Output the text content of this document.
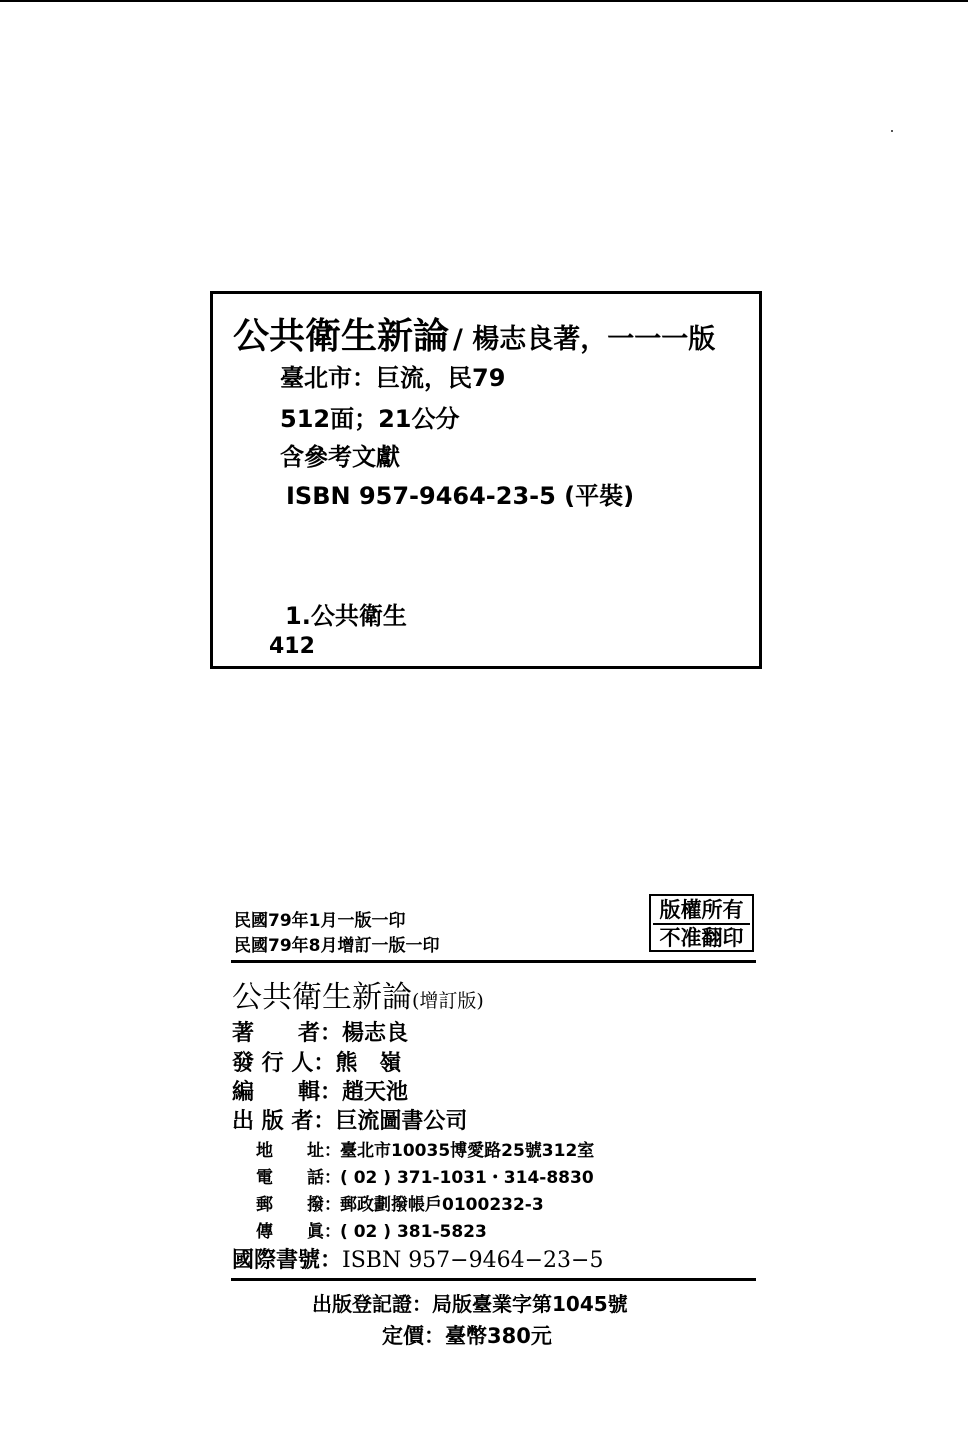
公共衛生新論 / 楊志良著，一一一版
臺北市：巨流，民79
512面；21公分
含參考文獻
ISBN 957-9464-23-5 (平裝)
1.公共衛生
412
民國79年1月一版一印
民國79年8月增訂一版一印
版權所有
不准翻印
公共衛生新論(增訂版)
著　　者：楊志良
發 行 人：熊　嶺
編　　輯：趙天池
出 版 者：巨流圖書公司
地　　址：臺北市10035博愛路25號312室
電　　話：( 02 ) 371-1031・314-8830
郵　　撥：郵政劃撥帳戶0100232-3
傳　　眞：( 02 ) 381-5823
國際書號：ISBN 957−9464−23−5
出版登記證：局版臺業字第1045號
定價：臺幣380元
